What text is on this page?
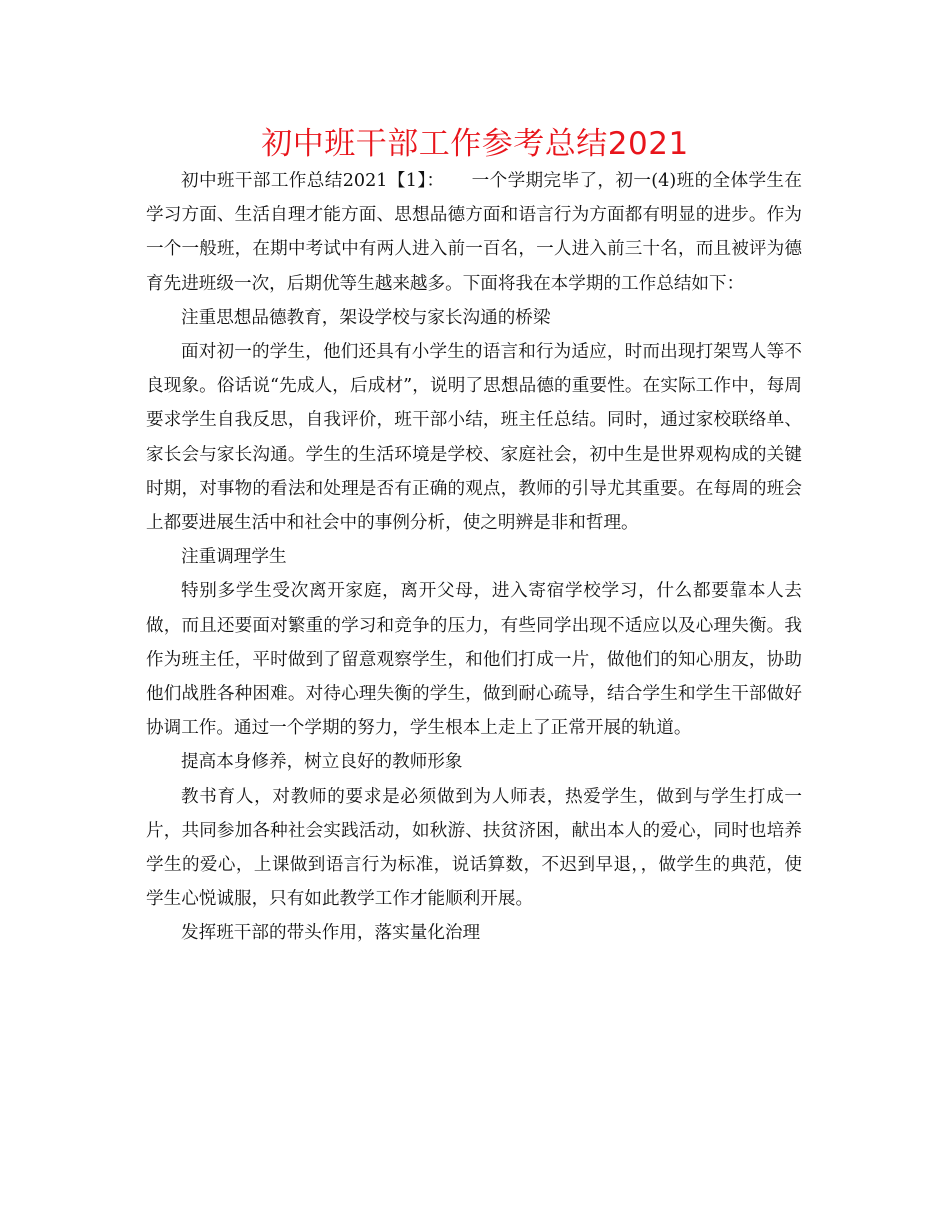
初中班干部工作参考总结2021

初中班干部工作总结2021【1】：　　一个学期完毕了，初一(4)班的全体学生在学习方面、生活自理才能方面、思想品德方面和语言行为方面都有明显的进步。作为一个一般班，在期中考试中有两人进入前一百名，一人进入前三十名，而且被评为德育先进班级一次，后期优等生越来越多。下面将我在本学期的工作总结如下：

注重思想品德教育，架设学校与家长沟通的桥梁

面对初一的学生，他们还具有小学生的语言和行为适应，时而出现打架骂人等不良现象。俗话说“先成人，后成材”，说明了思想品德的重要性。在实际工作中，每周要求学生自我反思，自我评价，班干部小结，班主任总结。同时，通过家校联络单、家长会与家长沟通。学生的生活环境是学校、家庭社会，初中生是世界观构成的关键时期，对事物的看法和处理是否有正确的观点，教师的引导尤其重要。在每周的班会上都要进展生活中和社会中的事例分析，使之明辨是非和哲理。

注重调理学生

特别多学生受次离开家庭，离开父母，进入寄宿学校学习，什么都要靠本人去做，而且还要面对繁重的学习和竞争的压力，有些同学出现不适应以及心理失衡。我作为班主任，平时做到了留意观察学生，和他们打成一片，做他们的知心朋友，协助他们战胜各种困难。对待心理失衡的学生，做到耐心疏导，结合学生和学生干部做好协调工作。通过一个学期的努力，学生根本上走上了正常开展的轨道。

提高本身修养，树立良好的教师形象

教书育人，对教师的要求是必须做到为人师表，热爱学生，做到与学生打成一片，共同参加各种社会实践活动，如秋游、扶贫济困，献出本人的爱心，同时也培养学生的爱心，上课做到语言行为标准，说话算数，不迟到早退，，做学生的典范，使学生心悦诚服，只有如此教学工作才能顺利开展。

发挥班干部的带头作用，落实量化治理
